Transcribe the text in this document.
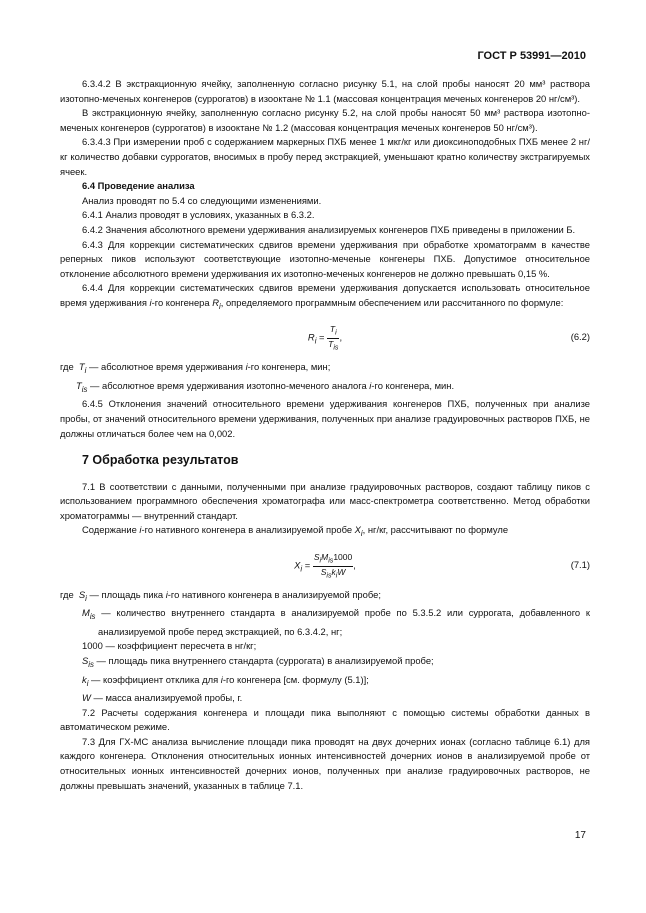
ГОСТ Р 53991—2010

6.3.4.2 В экстракционную ячейку, заполненную согласно рисунку 5.1, на слой пробы наносят 20 мм³ раствора изотопно-меченых конгенеров (суррогатов) в изооктане № 1.1 (массовая концентрация меченых конгенеров 20 нг/см³).

В экстракционную ячейку, заполненную согласно рисунку 5.2, на слой пробы наносят 50 мм³ раствора изотопно-меченых конгенеров (суррогатов) в изооктане № 1.2 (массовая концентрация меченых конгенеров 50 нг/см³).

6.3.4.3 При измерении проб с содержанием маркерных ПХБ менее 1 мкг/кг или диоксиноподобных ПХБ менее 2 нг/кг количество добавки суррогатов, вносимых в пробу перед экстракцией, уменьшают кратно количеству экстрагируемых ячеек.

6.4 Проведение анализа

Анализ проводят по 5.4 со следующими изменениями.

6.4.1 Анализ проводят в условиях, указанных в 6.3.2.

6.4.2 Значения абсолютного времени удерживания анализируемых конгенеров ПХБ приведены в приложении Б.

6.4.3 Для коррекции систематических сдвигов времени удерживания при обработке хроматограмм в качестве реперных пиков используют соответствующие изотопно-меченые конгенеры ПХБ. Допустимое относительное отклонение абсолютного времени удерживания их изотопно-меченых конгенеров не должно превышать 0,15 %.

6.4.4 Для коррекции систематических сдвигов времени удерживания допускается использовать относительное время удерживания i-го конгенера $R_i$, определяемого программным обеспечением или рассчитанного по формуле:

$R_i = \frac{T_i}{T_{is}}$ ,	(6.2)

где $T_i$ — абсолютное время удерживания i-го конгенера, мин;

$T_{is}$ — абсолютное время удерживания изотопно-меченого аналога i-го конгенера, мин.

6.4.5 Отклонения значений относительного времени удерживания конгенеров ПХБ, полученных при анализе пробы, от значений относительного времени удерживания, полученных при анализе градуировочных растворов ПХБ, не должны отличаться более чем на 0,002.

7 Обработка результатов

7.1 В соответствии с данными, полученными при анализе градуировочных растворов, создают таблицу пиков с использованием программного обеспечения хроматографа или масс-спектрометра соответственно. Метод обработки хроматограммы — внутренний стандарт.

Содержание i-го нативного конгенера в анализируемой пробе $X_i$, нг/кг, рассчитывают по формуле

$X_i = \frac{S_iM_{is}1000}{S_{is}k_iW}$ ,	(7.1)

где $S_i$ — площадь пика i-го нативного конгенера в анализируемой пробе;

$M_{is}$ — количество внутреннего стандарта в анализируемой пробе по 5.3.5.2 или суррогата, добавленного к анализируемой пробе перед экстракцией, по 6.3.4.2, нг;

1000 — коэффициент пересчета в нг/кг;

$S_{is}$ — площадь пика внутреннего стандарта (суррогата) в анализируемой пробе;

$k_i$ — коэффициент отклика для i-го конгенера [см. формулу (5.1)];

W — масса анализируемой пробы, г.

7.2 Расчеты содержания конгенера и площади пика выполняют с помощью системы обработки данных в автоматическом режиме.

7.3 Для ГХ-МС анализа вычисление площади пика проводят на двух дочерних ионах (согласно таблице 6.1) для каждого конгенера. Отклонения относительных ионных интенсивностей дочерних ионов в анализируемой пробе от относительных ионных интенсивностей дочерних ионов, полученных при анализе градуировочных растворов, не должны превышать значений, указанных в таблице 7.1.

17
